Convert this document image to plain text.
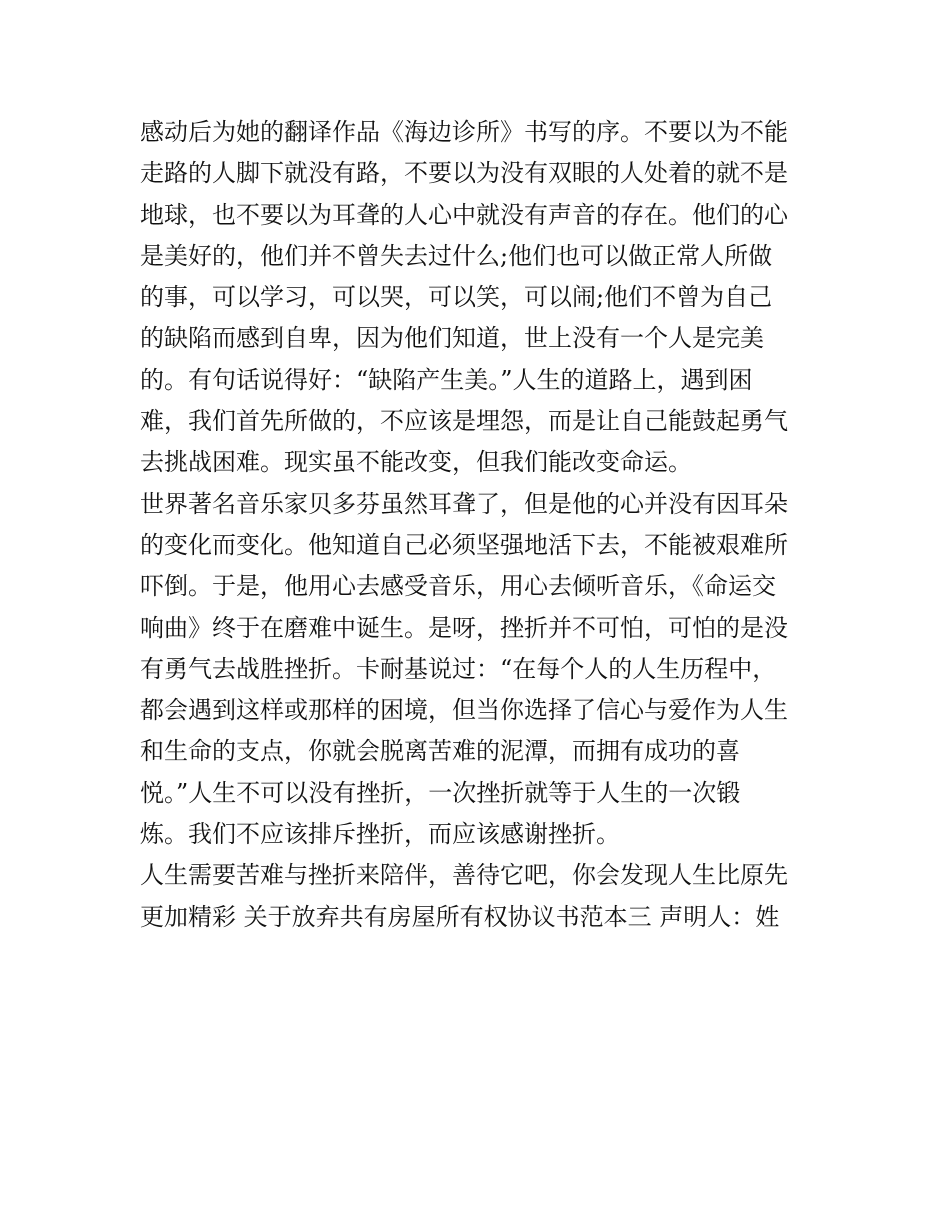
感动后为她的翻译作品《海边诊所》书写的序。不要以为不能
走路的人脚下就没有路，不要以为没有双眼的人处着的就不是
地球，也不要以为耳聋的人心中就没有声音的存在。他们的心
是美好的，他们并不曾失去过什么;他们也可以做正常人所做
的事，可以学习，可以哭，可以笑，可以闹;他们不曾为自己
的缺陷而感到自卑，因为他们知道，世上没有一个人是完美
的。有句话说得好：“缺陷产生美。”人生的道路上，遇到困
难，我们首先所做的，不应该是埋怨，而是让自己能鼓起勇气
去挑战困难。现实虽不能改变，但我们能改变命运。
世界著名音乐家贝多芬虽然耳聋了，但是他的心并没有因耳朵
的变化而变化。他知道自己必须坚强地活下去，不能被艰难所
吓倒。于是，他用心去感受音乐，用心去倾听音乐，《命运交
响曲》终于在磨难中诞生。是呀，挫折并不可怕，可怕的是没
有勇气去战胜挫折。卡耐基说过：“在每个人的人生历程中，
都会遇到这样或那样的困境，但当你选择了信心与爱作为人生
和生命的支点，你就会脱离苦难的泥潭，而拥有成功的喜
悦。”人生不可以没有挫折，一次挫折就等于人生的一次锻
炼。我们不应该排斥挫折，而应该感谢挫折。
人生需要苦难与挫折来陪伴，善待它吧，你会发现人生比原先
更加精彩 关于放弃共有房屋所有权协议书范本三 声明人：姓
